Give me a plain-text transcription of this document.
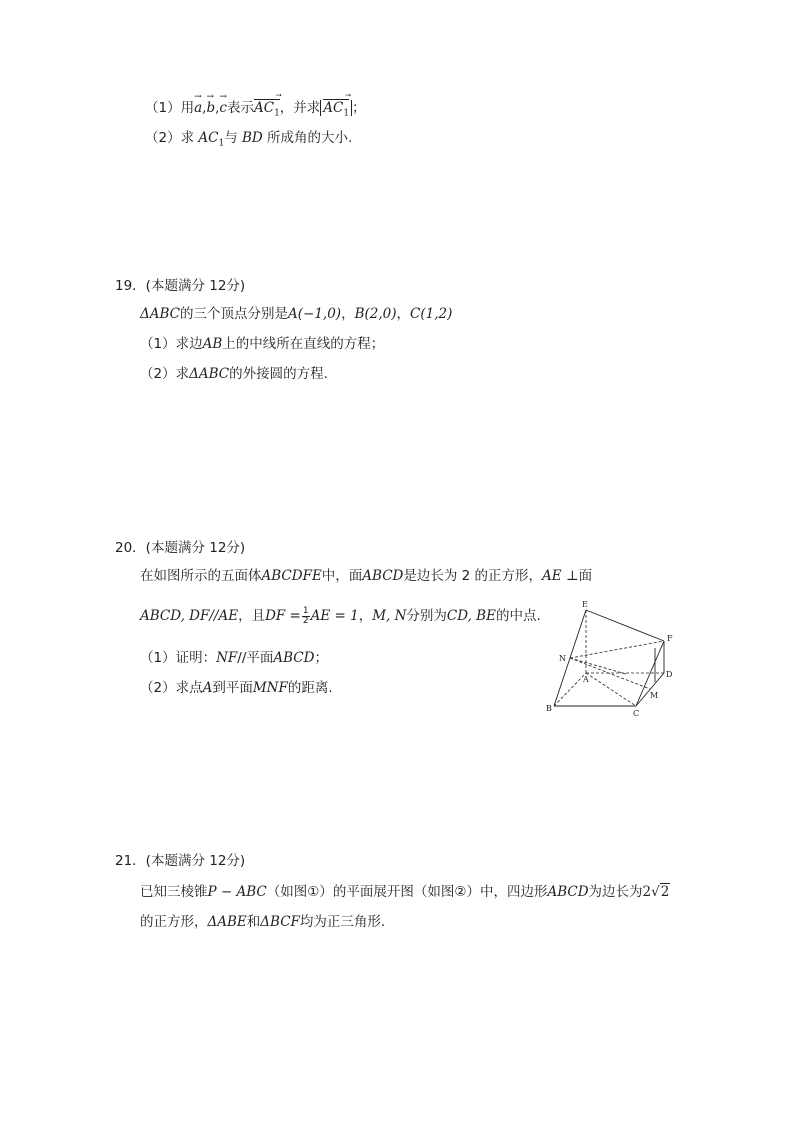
（1）用a →,b →,c →表示$AC_1$ ⃗，并求 $AC_1$ ⃗ ；
（2）求 $AC_1$与 BD 所成角的大小.
19．(本题满分 12分)
ΔABC的三个顶点分别是A(−1,0)，B(2,0)，C(1,2)
（1）求边AB上的中线所在直线的方程；
（2）求ΔABC的外接圆的方程.
20．(本题满分 12分)
在如图所示的五面体ABCDFE中，面ABCD是边长为 2 的正方形，AE ⊥面
ABCD, DF//AE，且DF = $\frac{1}{2}$ AE = 1，M, N分别为CD, BE的中点.
（1）证明：NF//平面ABCD；
（2）求点A到平面MNF的距离.
E
F
N
A
D
M
B
C
21．(本题满分 12分)
已知三棱锥P − ABC（如图①）的平面展开图（如图②）中，四边形ABCD为边长为2√2
的正方形，ΔABE和ΔBCF均为正三角形.
